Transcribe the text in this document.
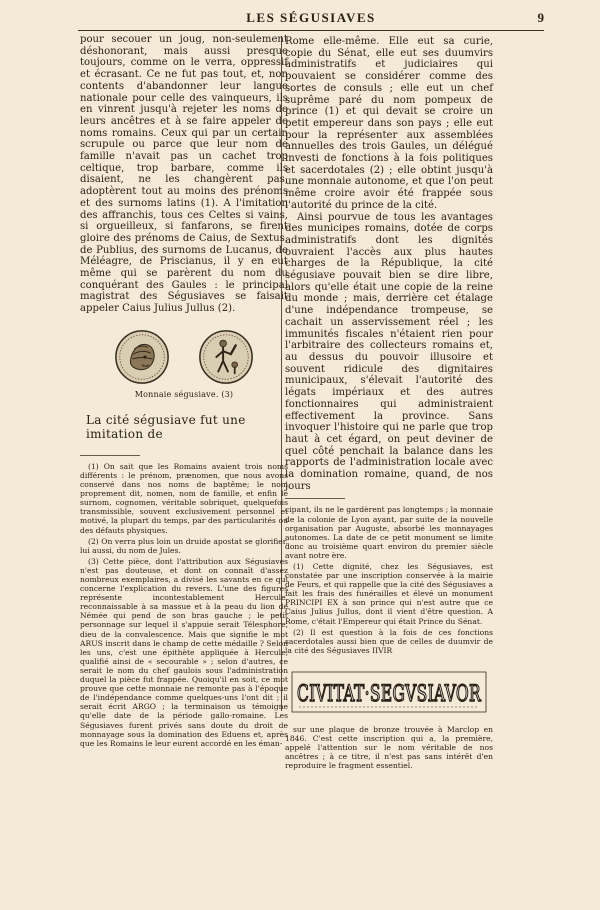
LES SÉGUSIAVES	9

pour secouer un joug, non-seulement déshonorant, mais aussi presque toujours, comme on le verra, oppressif et écrasant. Ce ne fut pas tout, et, non contents d'abandonner leur langue nationale pour celle des vainqueurs, ils en vinrent jusqu'à rejeter les noms de leurs ancêtres et à se faire appeler de noms romains. Ceux qui par un certain scrupule ou parce que leur nom de famille n'avait pas un cachet trop celtique, trop barbare, comme ils disaient, ne les changèrent pas, adoptèrent tout au moins des prénoms et des surnoms latins (1). A l'imitation des affranchis, tous ces Celtes si vains, si orgueilleux, si fanfarons, se firent gloire des prénoms de Caius, de Sextus, de Publius, des surnoms de Lucanus, de Méléagre, de Priscianus, il y en eut même qui se parèrent du nom du conquérant des Gaules : le principal magistrat des Ségusiaves se faisait appeler Caius Julius Jullus (2).

Monnaie ségusiave. (3)

La cité ségusiave fut une imitation de

(1) On sait que les Romains avaient trois noms différents : le prénom, prænomen, que nous avons conservé dans nos noms de baptême; le nom proprement dit, nomen, nom de famille, et enfin le surnom, cognomen, véritable sobriquet, quelquefois transmissible, souvent exclusivement personnel et motivé, la plupart du temps, par des particularités ou des défauts physiques.

(2) On verra plus loin un druide apostat se glorifier, lui aussi, du nom de Jules.

(3) Cette pièce, dont l'attribution aux Ségusiaves n'est pas douteuse, et dont on connaît d'assez nombreux exemplaires, a divisé les savants en ce qui concerne l'explication du revers. L'une des figures représente incontestablement Hercule, reconnaissable à sa massue et à la peau du lion de Némée qui pend de son bras gauche ; le petit personnage sur lequel il s'appuie serait Télesphore, dieu de la convalescence. Mais que signifie le mot ARUS inscrit dans le champ de cette médaille ? Selon les uns, c'est une épithète appliquée à Hercule, qualifié ainsi de « secourable » ; selon d'autres, ce serait le nom du chef gaulois sous l'administration duquel la pièce fut frappée. Quoiqu'il en soit, ce mot prouve que cette monnaie ne remonte pas à l'époque de l'indépendance comme quelques-uns l'ont dit ; il serait écrit ARGO ; la terminaison us témoigne qu'elle date de la période gallo-romaine. Les Ségusiaves furent privés sans doute du droit de monnayage sous la domination des Eduens et, après que les Romains le leur eurent accordé en les éman-

Rome elle-même. Elle eut sa curie, copie du Sénat, elle eut ses duumvirs administratifs et judiciaires qui pouvaient se considérer comme des sortes de consuls ; elle eut un chef suprême paré du nom pompeux de prince (1) et qui devait se croire un petit empereur dans son pays ; elle eut pour la représenter aux assemblées annuelles des trois Gaules, un délégué investi de fonctions à la fois politiques et sacerdotales (2) ; elle obtint jusqu'à une monnaie autonome, et que l'on peut même croire avoir été frappée sous l'autorité du prince de la cité.

Ainsi pourvue de tous les avantages des municipes romains, dotée de corps administratifs dont les dignités ouvraient l'accès aux plus hautes charges de la République, la cité ségusiave pouvait bien se dire libre, alors qu'elle était une copie de la reine du monde ; mais, derrière cet étalage d'une indépendance trompeuse, se cachait un asservissement réel ; les immunités fiscales n'étaient rien pour l'arbitraire des collecteurs romains et, au dessus du pouvoir illusoire et souvent ridicule des dignitaires municipaux, s'élevait l'autorité des légats impériaux et des autres fonctionnaires qui administraient effectivement la province. Sans invoquer l'histoire qui ne parle que trop haut à cet égard, on peut deviner de quel côté penchait la balance dans les rapports de l'administration locale avec la domination romaine, quand, de nos jours

cipant, ils ne le gardèrent pas longtemps ; la monnaie de la colonie de Lyon ayant, par suite de la nouvelle organisation par Auguste, absorbé les monnayages autonomes. La date de ce petit monument se limite donc au troisième quart environ du premier siècle avant notre ère.

(1) Cette dignité, chez les Ségusiaves, est constatée par une inscription conservée à la mairie de Feurs, et qui rappelle que la cité des Ségusiaves a fait les frais des funérailles et élevé un monument PRINCIPI EX à son prince qui n'est autre que ce Caius Julius Jullus, dont il vient d'être question. A Rome, c'était l'Empereur qui était Prince du Sénat.

(2) Il est question à la fois de ces fonctions sacerdotales aussi bien que de celles de duumvir de la cité des Ségusiaves IIVIR

CIVITAT·SEGVSIAVOR

sur une plaque de bronze trouvée à Marclop en 1846. C'est cette inscription qui a, la première, appelé l'attention sur le nom véritable de nos ancêtres ; à ce titre, il n'est pas sans intérêt d'en reproduire le fragment essentiel.
